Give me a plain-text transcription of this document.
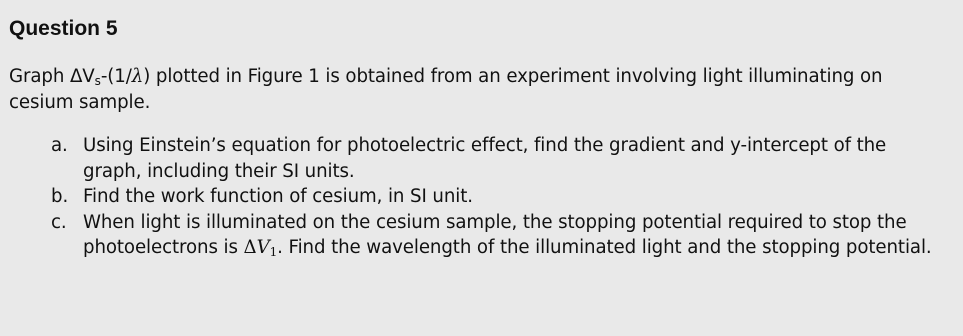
Question 5

Graph $\Delta V_s-(1/\lambda)$ plotted in Figure 1 is obtained from an experiment involving light illuminating on cesium sample.

a. Using Einstein’s equation for photoelectric effect, find the gradient and y-intercept of the graph, including their SI units.
b. Find the work function of cesium, in SI unit.
c. When light is illuminated on the cesium sample, the stopping potential required to stop the photoelectrons is $\Delta V_1$. Find the wavelength of the illuminated light and the stopping potential.
